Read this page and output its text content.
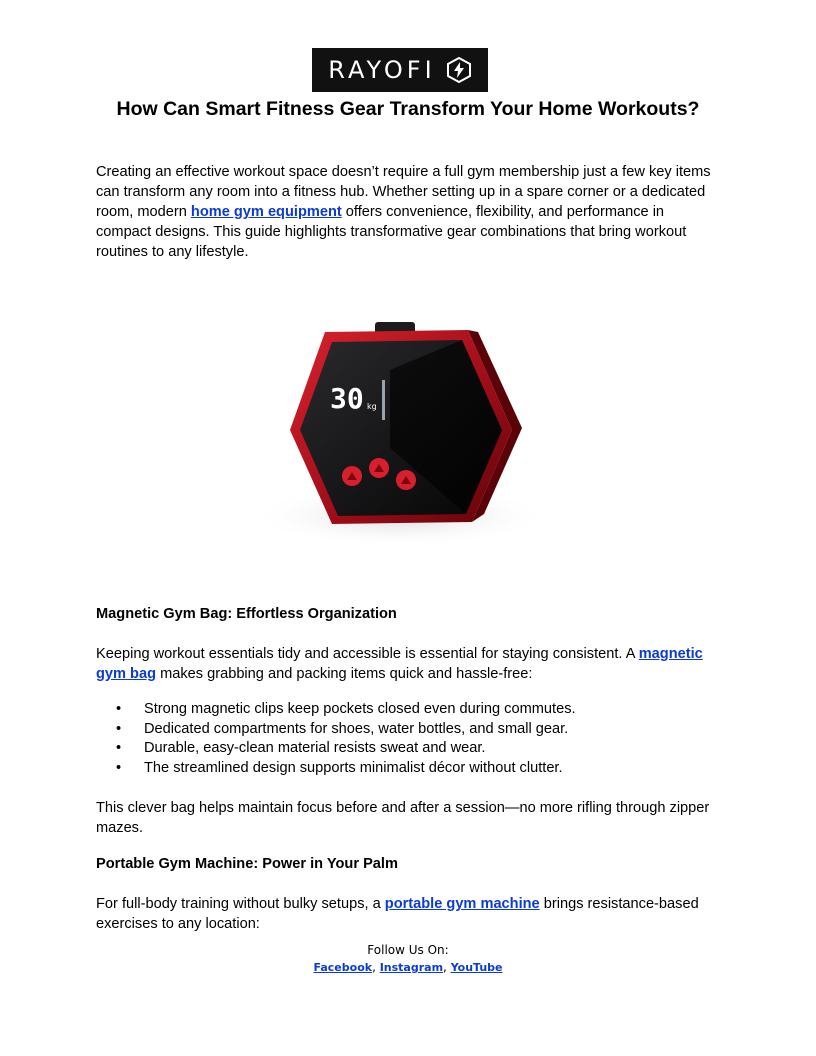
RAYOFI
How Can Smart Fitness Gear Transform Your Home Workouts?

Creating an effective workout space doesn’t require a full gym membership just a few key items can transform any room into a fitness hub. Whether setting up in a spare corner or a dedicated room, modern home gym equipment offers convenience, flexibility, and performance in compact designs. This guide highlights transformative gear combinations that bring workout routines to any lifestyle.

30 kg

Magnetic Gym Bag: Effortless Organization

Keeping workout essentials tidy and accessible is essential for staying consistent. A magnetic gym bag makes grabbing and packing items quick and hassle-free:

• Strong magnetic clips keep pockets closed even during commutes.
• Dedicated compartments for shoes, water bottles, and small gear.
• Durable, easy-clean material resists sweat and wear.
• The streamlined design supports minimalist décor without clutter.

This clever bag helps maintain focus before and after a session—no more rifling through zipper mazes.

Portable Gym Machine: Power in Your Palm

For full-body training without bulky setups, a portable gym machine brings resistance-based exercises to any location:

Follow Us On:
Facebook, Instagram, YouTube
